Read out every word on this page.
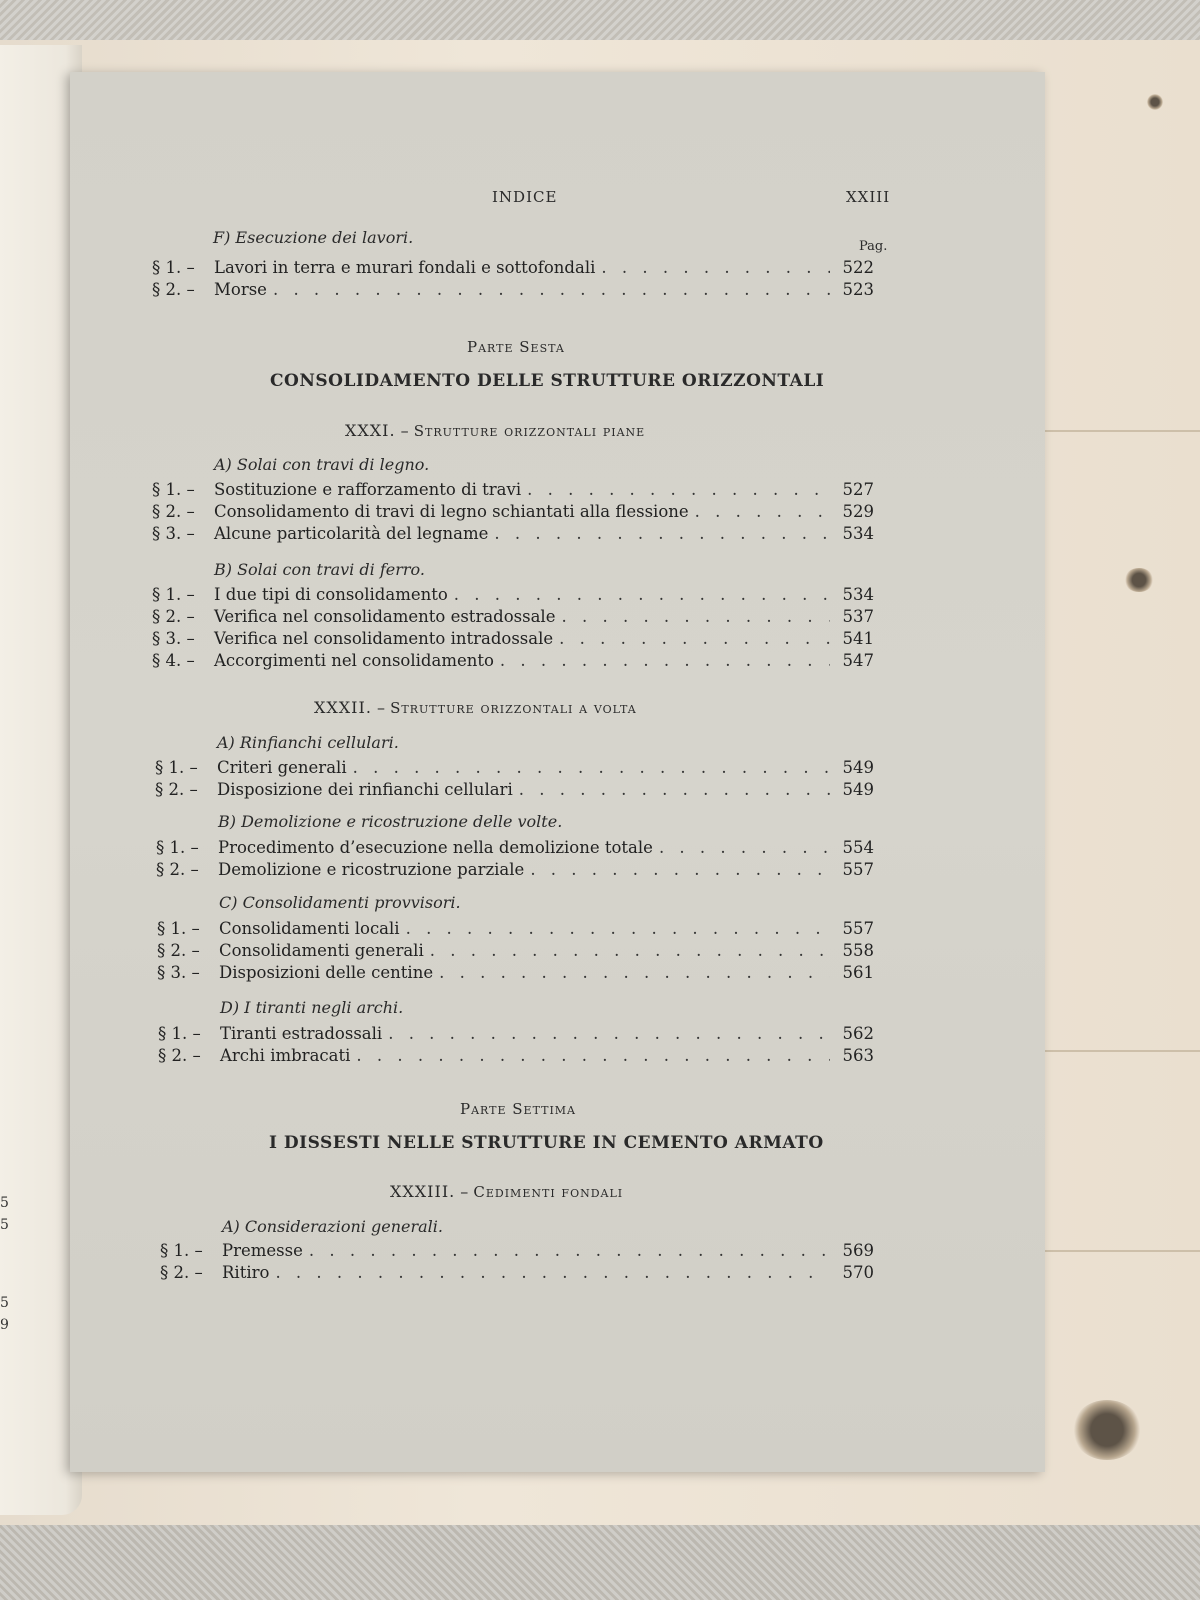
5
5
5
9
INDICE	XXIII
F) Esecuzione dei lavori.	Pag.
§ 1. –	Lavori in terra e murari fondali e sottofondali . . .	522
§ 2. –	Morse . . .	523
Parte Sesta
CONSOLIDAMENTO DELLE STRUTTURE ORIZZONTALI
XXXI. – Strutture orizzontali piane
A) Solai con travi di legno.
§ 1. –	Sostituzione e rafforzamento di travi . . .	527
§ 2. –	Consolidamento di travi di legno schiantati alla flessione . . .	529
§ 3. –	Alcune particolarità del legname . . .	534
B) Solai con travi di ferro.
§ 1. –	I due tipi di consolidamento . . .	534
§ 2. –	Verifica nel consolidamento estradossale . . .	537
§ 3. –	Verifica nel consolidamento intradossale . . .	541
§ 4. –	Accorgimenti nel consolidamento . . .	547
XXXII. – Strutture orizzontali a volta
A) Rinfianchi cellulari.
§ 1. –	Criteri generali . . .	549
§ 2. –	Disposizione dei rinfianchi cellulari . . .	549
B) Demolizione e ricostruzione delle volte.
§ 1. –	Procedimento d’esecuzione nella demolizione totale . . .	554
§ 2. –	Demolizione e ricostruzione parziale . . .	557
C) Consolidamenti provvisori.
§ 1. –	Consolidamenti locali . . .	557
§ 2. –	Consolidamenti generali . . .	558
§ 3. –	Disposizioni delle centine . . .	561
D) I tiranti negli archi.
§ 1. –	Tiranti estradossali . . .	562
§ 2. –	Archi imbracati . . .	563
Parte Settima
I DISSESTI NELLE STRUTTURE IN CEMENTO ARMATO
XXXIII. – Cedimenti fondali
A) Considerazioni generali.
§ 1. –	Premesse . . .	569
§ 2. –	Ritiro . . .	570
